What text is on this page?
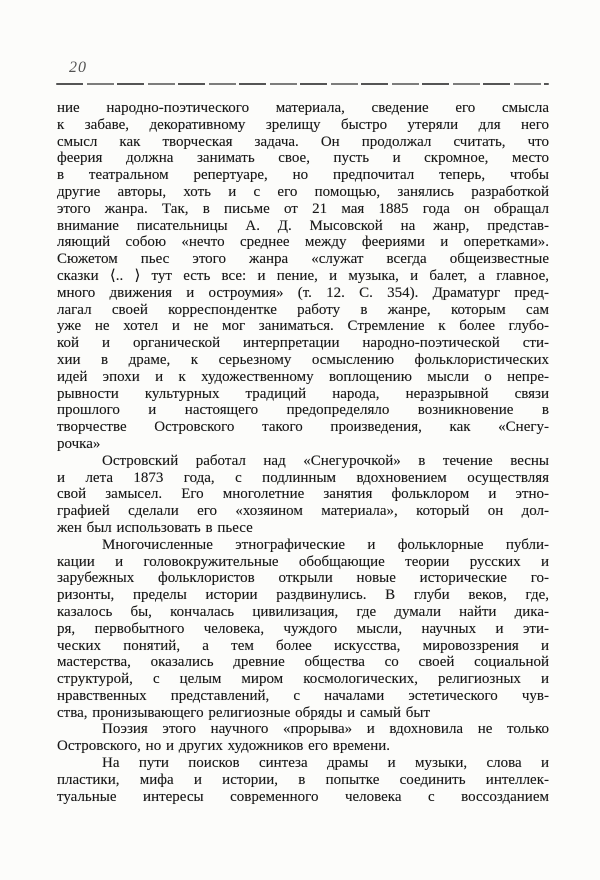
20
ние народно-поэтического материала, сведение его смысла
к забаве, декоративному зрелищу быстро утеряли для него
смысл как творческая задача. Он продолжал считать, что
феерия должна занимать свое, пусть и скромное, место
в театральном репертуаре, но предпочитал теперь, чтобы
другие авторы, хоть и с его помощью, занялись разработкой
этого жанра. Так, в письме от 21 мая 1885 года он обращал
внимание писательницы А. Д. Мысовской на жанр, представ-
ляющий собою «нечто среднее между феериями и оперетками».
Сюжетом пьес этого жанра «служат всегда общеизвестные
сказки ⟨.. ⟩ тут есть все: и пение, и музыка, и балет, а главное,
много движения и остроумия» (т. 12. С. 354). Драматург пред-
лагал своей корреспондентке работу в жанре, которым сам
уже не хотел и не мог заниматься. Стремление к более глубо-
кой и органической интерпретации народно-поэтической сти-
хии в драме, к серьезному осмыслению фольклористических
идей эпохи и к художественному воплощению мысли о непре-
рывности культурных традиций народа, неразрывной связи
прошлого и настоящего предопределяло возникновение в
творчестве Островского такого произведения, как «Снегу-
рочка»
Островский работал над «Снегурочкой» в течение весны
и лета 1873 года, с подлинным вдохновением осуществляя
свой замысел. Его многолетние занятия фольклором и этно-
графией сделали его «хозяином материала», который он дол-
жен был использовать в пьесе
Многочисленные этнографические и фольклорные публи-
кации и головокружительные обобщающие теории русских и
зарубежных фольклористов открыли новые исторические го-
ризонты, пределы истории раздвинулись. В глуби веков, где,
казалось бы, кончалась цивилизация, где думали найти дика-
ря, первобытного человека, чуждого мысли, научных и эти-
ческих понятий, а тем более искусства, мировоззрения и
мастерства, оказались древние общества со своей социальной
структурой, с целым миром космологических, религиозных и
нравственных представлений, с началами эстетического чув-
ства, пронизывающего религиозные обряды и самый быт
Поэзия этого научного «прорыва» и вдохновила не только
Островского, но и других художников его времени.
На пути поисков синтеза драмы и музыки, слова и
пластики, мифа и истории, в попытке соединить интеллек-
туальные интересы современного человека с воссозданием
